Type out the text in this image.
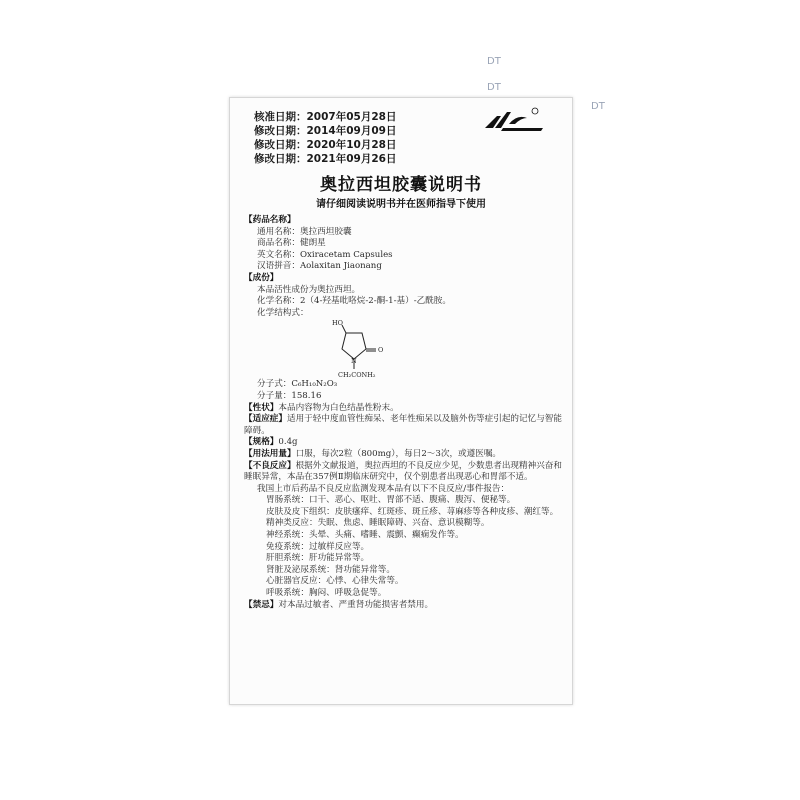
DT
DT
DT
核准日期：2007年05月28日
修改日期：2014年09月09日
修改日期：2020年10月28日
修改日期：2021年09月26日
奥拉西坦胶囊说明书
请仔细阅读说明书并在医师指导下使用
【药品名称】
通用名称：奥拉西坦胶囊
商品名称：健朗星
英文名称：Oxiracetam Capsules
汉语拼音：Aolaxitan Jiaonang
【成份】
本品活性成份为奥拉西坦。
化学名称：2（4-羟基吡咯烷-2-酮-1-基）-乙酰胺。
化学结构式：
HO
O
N
CH₂CONH₂
分子式：C₆H₁₀N₂O₃
分子量：158.16
【性状】本品内容物为白色结晶性粉末。
【适应症】适用于轻中度血管性痴呆、老年性痴呆以及脑外伤等症引起的记忆与智能障碍。
【规格】0.4g
【用法用量】口服，每次2粒（800mg），每日2～3次，或遵医嘱。
【不良反应】根据外文献报道，奥拉西坦的不良反应少见，少数患者出现精神兴奋和睡眠异常，本品在357例Ⅱ期临床研究中，仅个别患者出现恶心和胃部不适。
我国上市后药品不良反应监测发现本品有以下不良反应/事件报告：
胃肠系统：口干、恶心、呕吐、胃部不适、腹痛、腹泻、便秘等。
皮肤及皮下组织：皮肤瘙痒、红斑疹、斑丘疹、荨麻疹等各种皮疹、潮红等。
精神类反应：失眠、焦虑、睡眠障碍、兴奋、意识模糊等。
神经系统：头晕、头痛、嗜睡、震颤、癫痫发作等。
免疫系统：过敏样反应等。
肝胆系统：肝功能异常等。
肾脏及泌尿系统：肾功能异常等。
心脏器官反应：心悸、心律失常等。
呼吸系统：胸闷、呼吸急促等。
【禁忌】对本品过敏者、严重肾功能损害者禁用。
